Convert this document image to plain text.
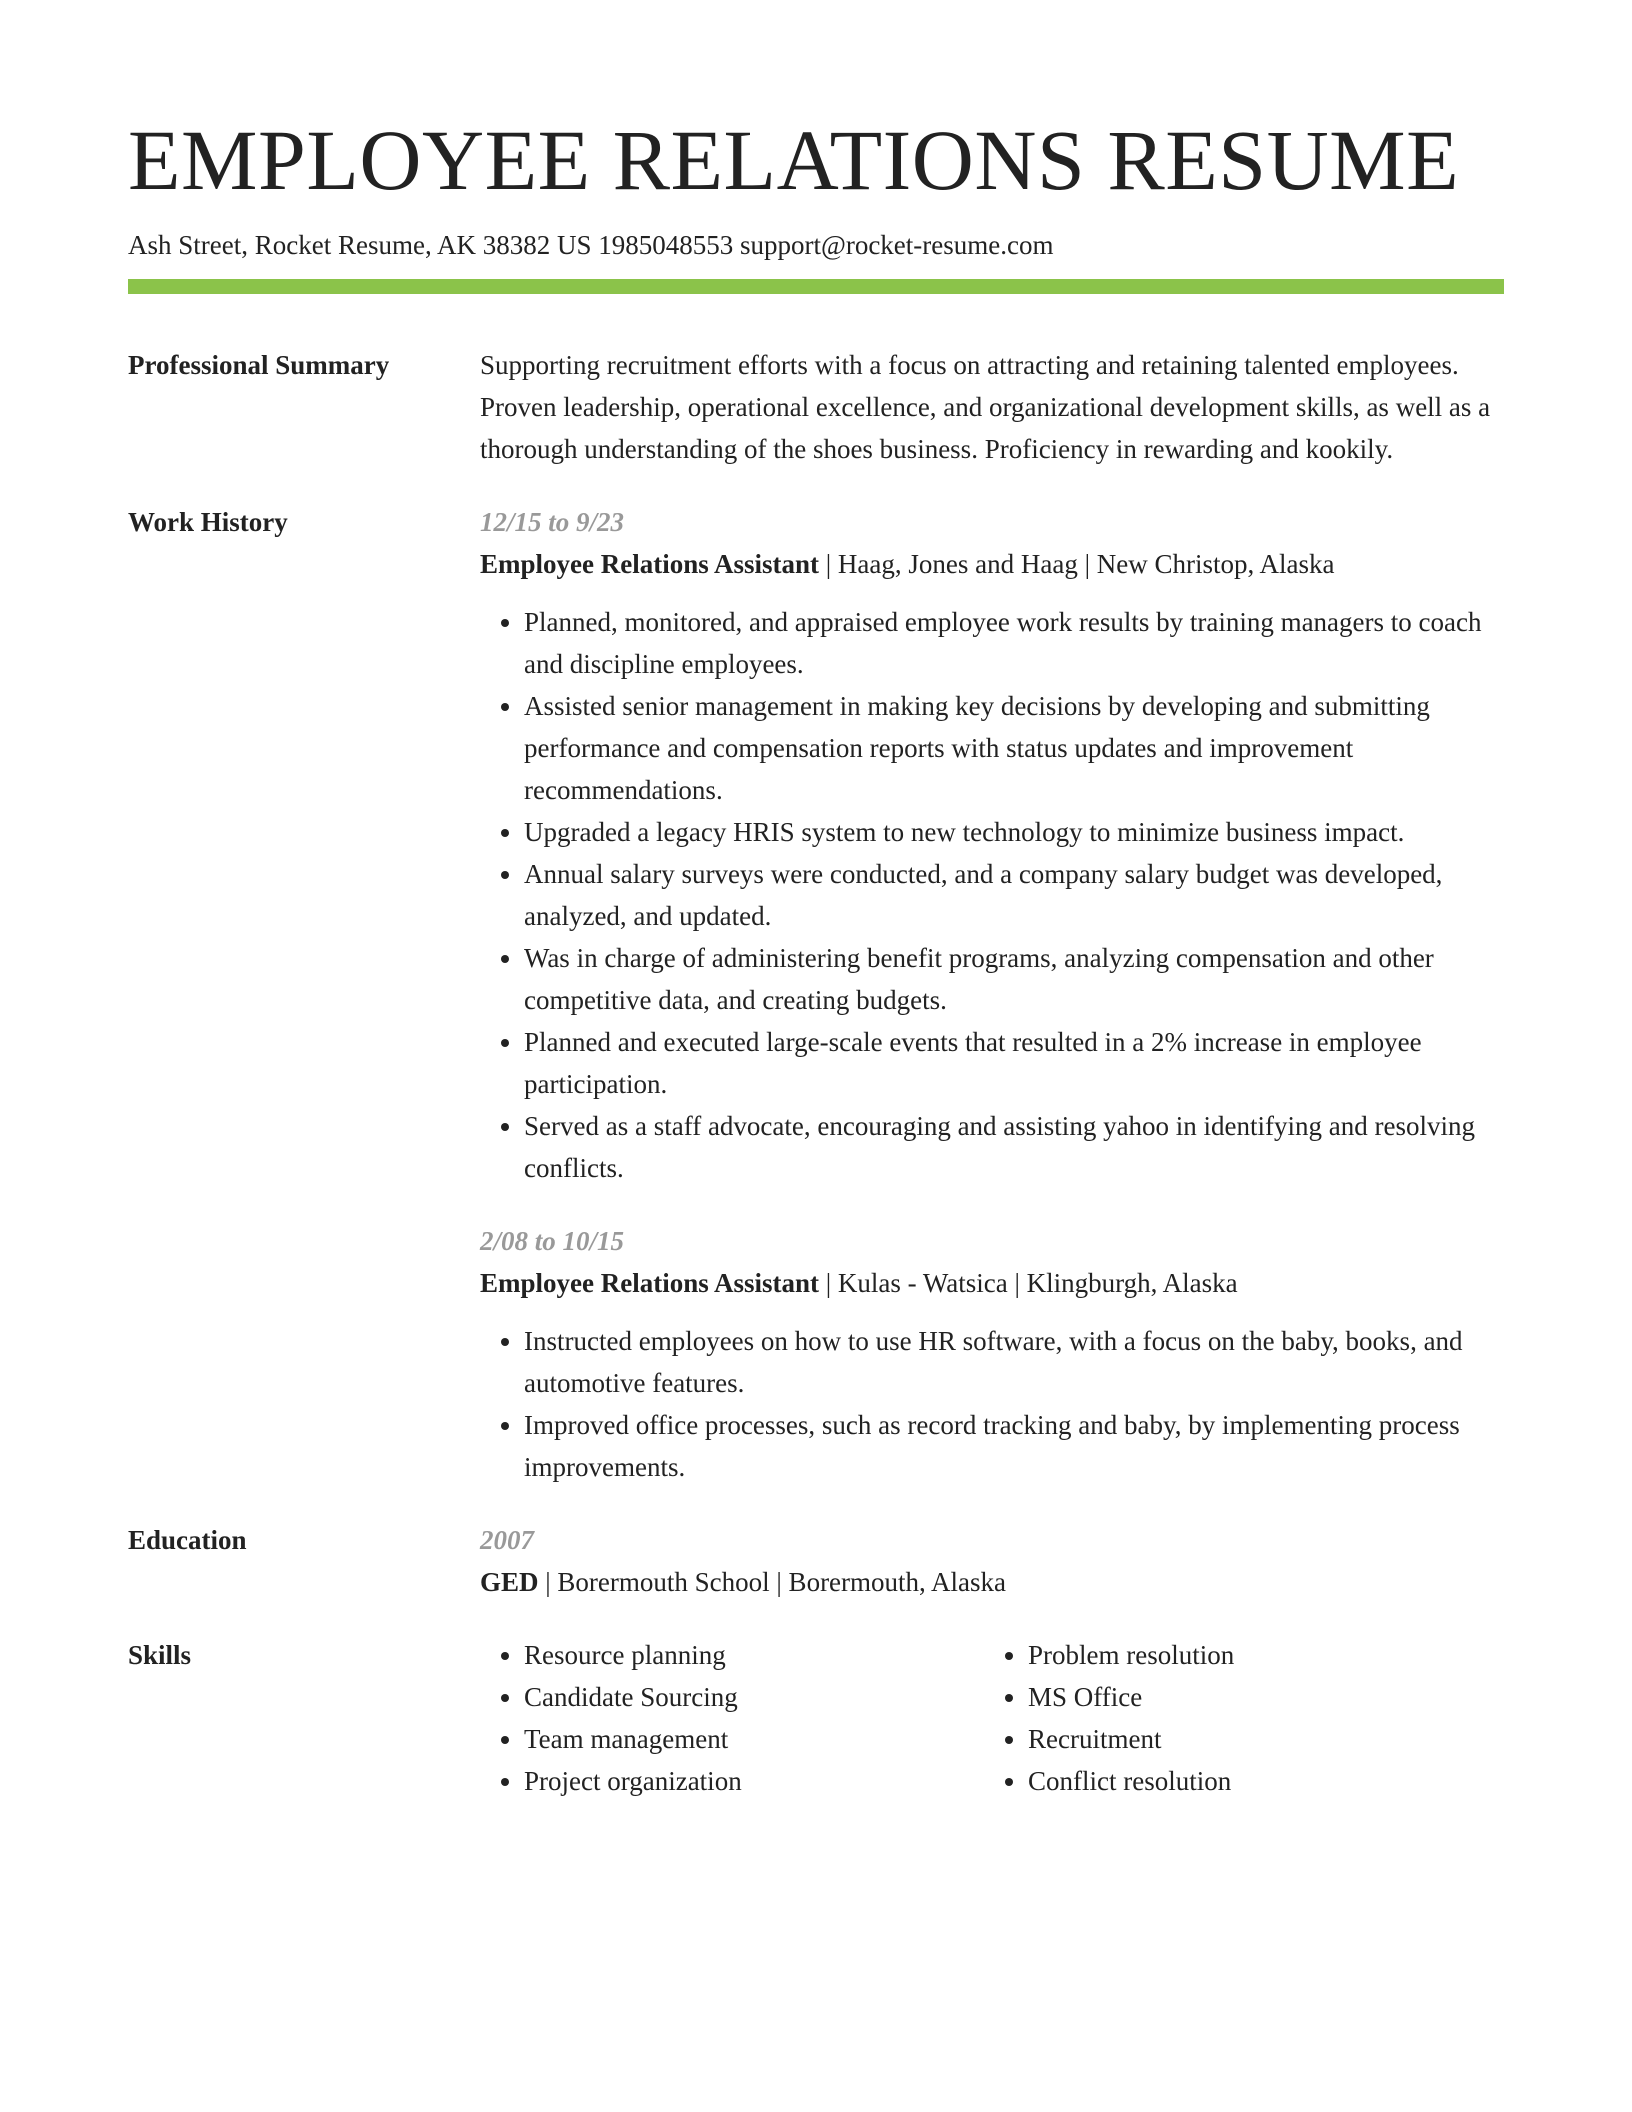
EMPLOYEE RELATIONS RESUME
Ash Street, Rocket Resume, AK 38382 US 1985048553 support@rocket-resume.com
Professional Summary	Supporting recruitment efforts with a focus on attracting and retaining talented employees. Proven leadership, operational excellence, and organizational development skills, as well as a thorough understanding of the shoes business. Proficiency in rewarding and kookily.
Work History	12/15 to 9/23
Employee Relations Assistant | Haag, Jones and Haag | New Christop, Alaska
• Planned, monitored, and appraised employee work results by training managers to coach and discipline employees.
• Assisted senior management in making key decisions by developing and submitting performance and compensation reports with status updates and improvement recommendations.
• Upgraded a legacy HRIS system to new technology to minimize business impact.
• Annual salary surveys were conducted, and a company salary budget was developed, analyzed, and updated.
• Was in charge of administering benefit programs, analyzing compensation and other competitive data, and creating budgets.
• Planned and executed large-scale events that resulted in a 2% increase in employee participation.
• Served as a staff advocate, encouraging and assisting yahoo in identifying and resolving conflicts.
2/08 to 10/15
Employee Relations Assistant | Kulas - Watsica | Klingburgh, Alaska
• Instructed employees on how to use HR software, with a focus on the baby, books, and automotive features.
• Improved office processes, such as record tracking and baby, by implementing process improvements.
Education	2007
GED | Borermouth School | Borermouth, Alaska
Skills
•	Resource planning
• Candidate Sourcing
• Team management
• Project organization
• Problem resolution
• MS Office
• Recruitment
• Conflict resolution
